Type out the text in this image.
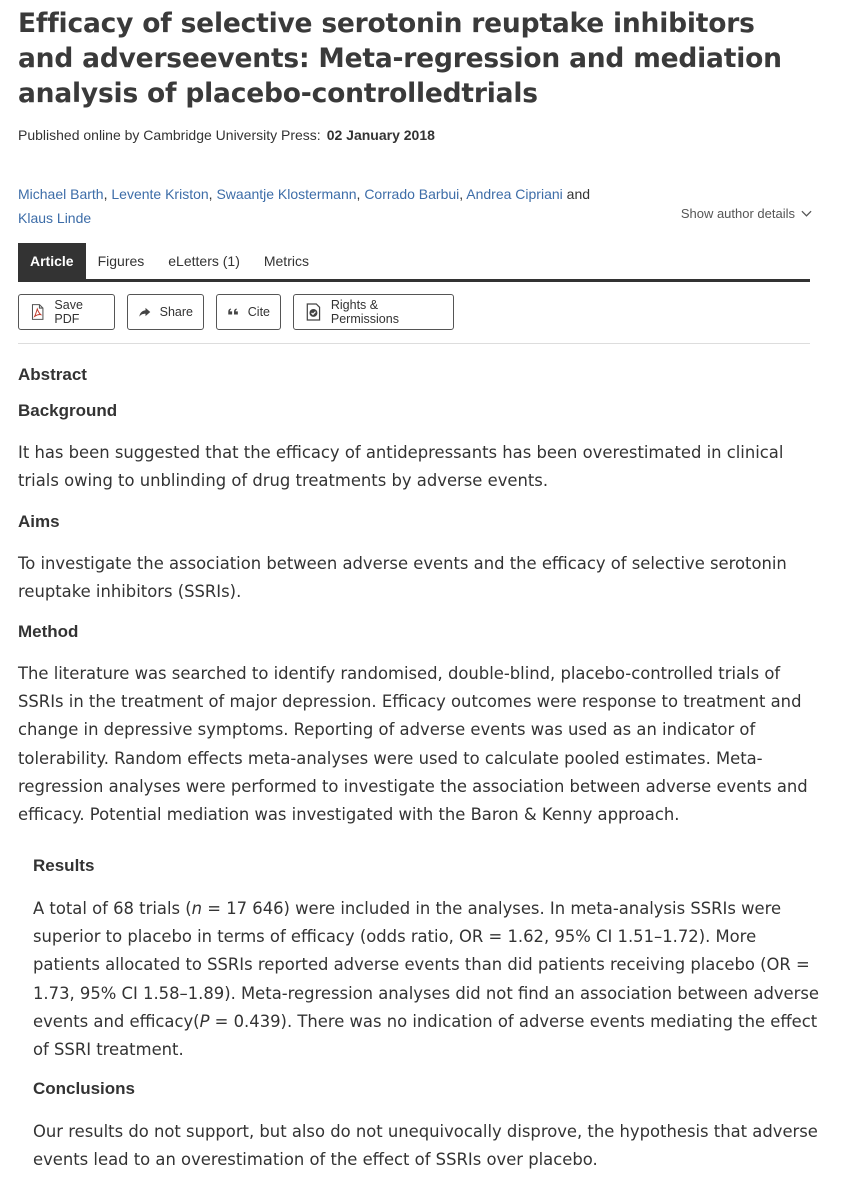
Efficacy of selective serotonin reuptake inhibitors and adverseevents: Meta-regression and mediation analysis of placebo-controlledtrials
Published online by Cambridge University Press: 02 January 2018
Michael Barth, Levente Kriston, Swaantje Klostermann, Corrado Barbui, Andrea Cipriani and
Klaus Linde	Show author details
Article	Figures	eLetters (1)	Metrics
Save PDF	Share	Cite	Rights & Permissions
Abstract
Background

It has been suggested that the efficacy of antidepressants has been overestimated in clinical trials owing to unblinding of drug treatments by adverse events.

Aims

To investigate the association between adverse events and the efficacy of selective serotonin reuptake inhibitors (SSRIs).

Method

The literature was searched to identify randomised, double-blind, placebo-controlled trials of SSRIs in the treatment of major depression. Efficacy outcomes were response to treatment and change in depressive symptoms. Reporting of adverse events was used as an indicator of tolerability. Random effects meta-analyses were used to calculate pooled estimates. Meta-regression analyses were performed to investigate the association between adverse events and efficacy. Potential mediation was investigated with the Baron & Kenny approach.

Results

A total of 68 trials (n = 17 646) were included in the analyses. In meta-analysis SSRIs were superior to placebo in terms of efficacy (odds ratio, OR = 1.62, 95% CI 1.51–1.72). More patients allocated to SSRIs reported adverse events than did patients receiving placebo (OR = 1.73, 95% CI 1.58–1.89). Meta-regression analyses did not find an association between adverse events and efficacy(P = 0.439). There was no indication of adverse events mediating the effect of SSRI treatment.

Conclusions

Our results do not support, but also do not unequivocally disprove, the hypothesis that adverse events lead to an overestimation of the effect of SSRIs over placebo.
